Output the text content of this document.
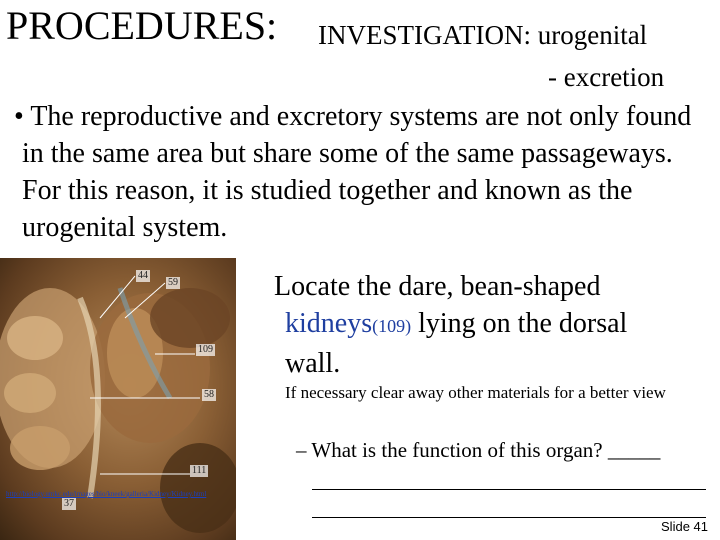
PROCEDURES: INVESTIGATION: urogenital
- excretion
• The reproductive and excretory systems are not only found in the same area but share some of the same passageways. For this reason, it is studied together and known as the urogenital system.
44
59
109
58
111
37
http://biology.umkc.edu/images/bio/kneek/galleria/Kidney/Kidney.html
Locate the dare, bean-shaped
kidneys(109) lying on the dorsal
wall.
If necessary clear away other materials for a better view
– What is the function of this organ? _____
Slide 41
